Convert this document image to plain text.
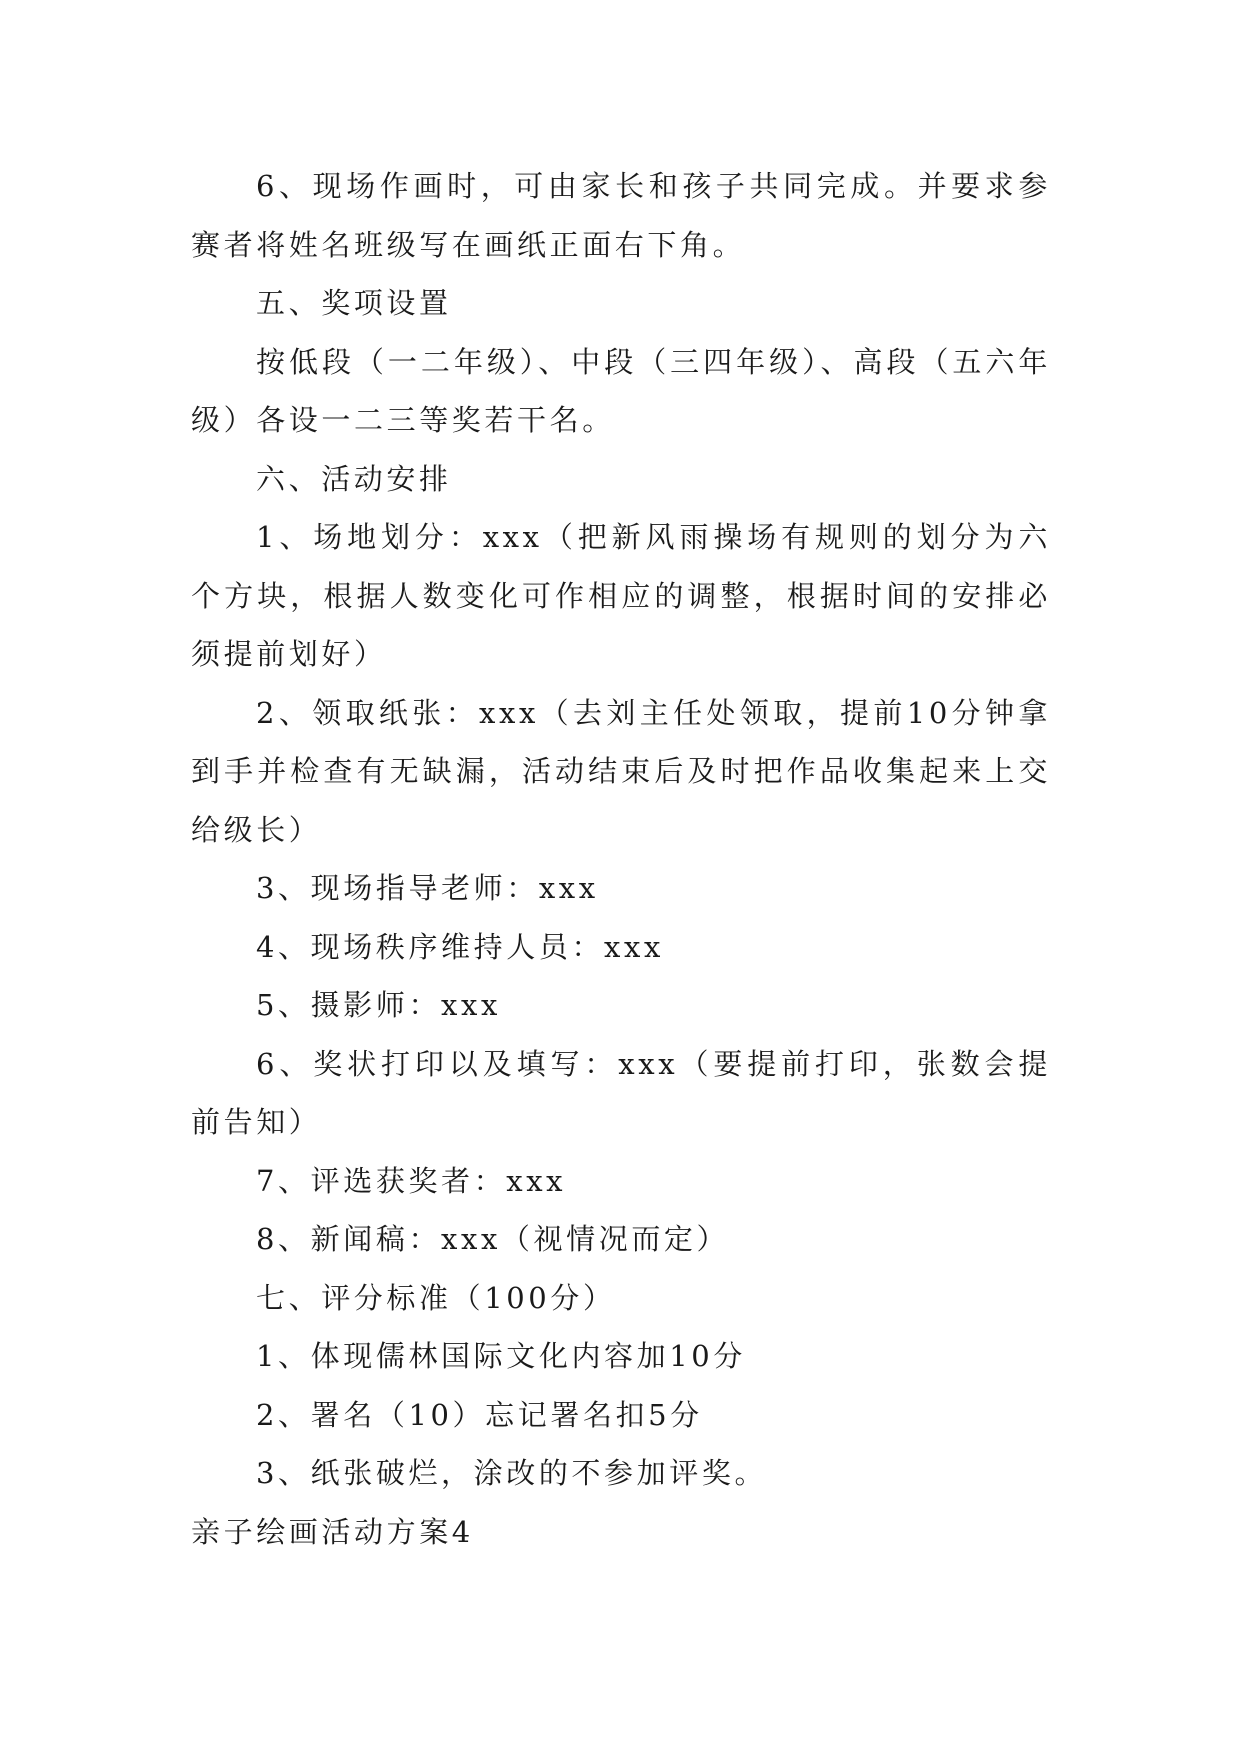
6、现场作画时，可由家长和孩子共同完成。并要求参赛者将姓名班级写在画纸正面右下角。

五、奖项设置

按低段（一二年级）、中段（三四年级）、高段（五六年级）各设一二三等奖若干名。

六、活动安排

1、场地划分：xxx（把新风雨操场有规则的划分为六个方块，根据人数变化可作相应的调整，根据时间的安排必须提前划好）

2、领取纸张：xxx（去刘主任处领取，提前10分钟拿到手并检查有无缺漏，活动结束后及时把作品收集起来上交给级长）

3、现场指导老师：xxx

4、现场秩序维持人员：xxx

5、摄影师：xxx

6、奖状打印以及填写：xxx（要提前打印，张数会提前告知）

7、评选获奖者：xxx

8、新闻稿：xxx（视情况而定）

七、评分标准（100分）

1、体现儒林国际文化内容加10分

2、署名（10）忘记署名扣5分

3、纸张破烂，涂改的不参加评奖。

亲子绘画活动方案4
